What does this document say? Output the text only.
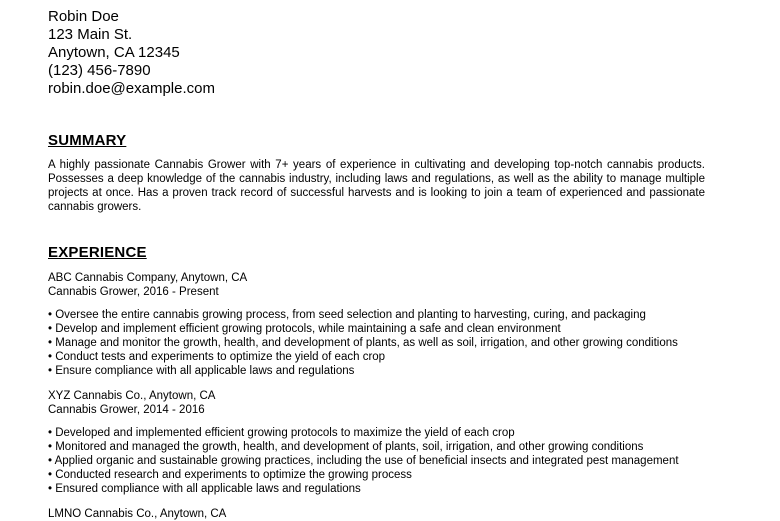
Robin Doe
123 Main St.
Anytown, CA 12345
(123) 456-7890
robin.doe@example.com
SUMMARY
A highly passionate Cannabis Grower with 7+ years of experience in cultivating and developing top-notch cannabis products. Possesses a deep knowledge of the cannabis industry, including laws and regulations, as well as the ability to manage multiple projects at once. Has a proven track record of successful harvests and is looking to join a team of experienced and passionate cannabis growers.
EXPERIENCE
ABC Cannabis Company, Anytown, CA
Cannabis Grower, 2016 - Present
• Oversee the entire cannabis growing process, from seed selection and planting to harvesting, curing, and packaging
• Develop and implement efficient growing protocols, while maintaining a safe and clean environment
• Manage and monitor the growth, health, and development of plants, as well as soil, irrigation, and other growing conditions
• Conduct tests and experiments to optimize the yield of each crop
• Ensure compliance with all applicable laws and regulations
XYZ Cannabis Co., Anytown, CA
Cannabis Grower, 2014 - 2016
• Developed and implemented efficient growing protocols to maximize the yield of each crop
• Monitored and managed the growth, health, and development of plants, soil, irrigation, and other growing conditions
• Applied organic and sustainable growing practices, including the use of beneficial insects and integrated pest management
• Conducted research and experiments to optimize the growing process
• Ensured compliance with all applicable laws and regulations
LMNO Cannabis Co., Anytown, CA
